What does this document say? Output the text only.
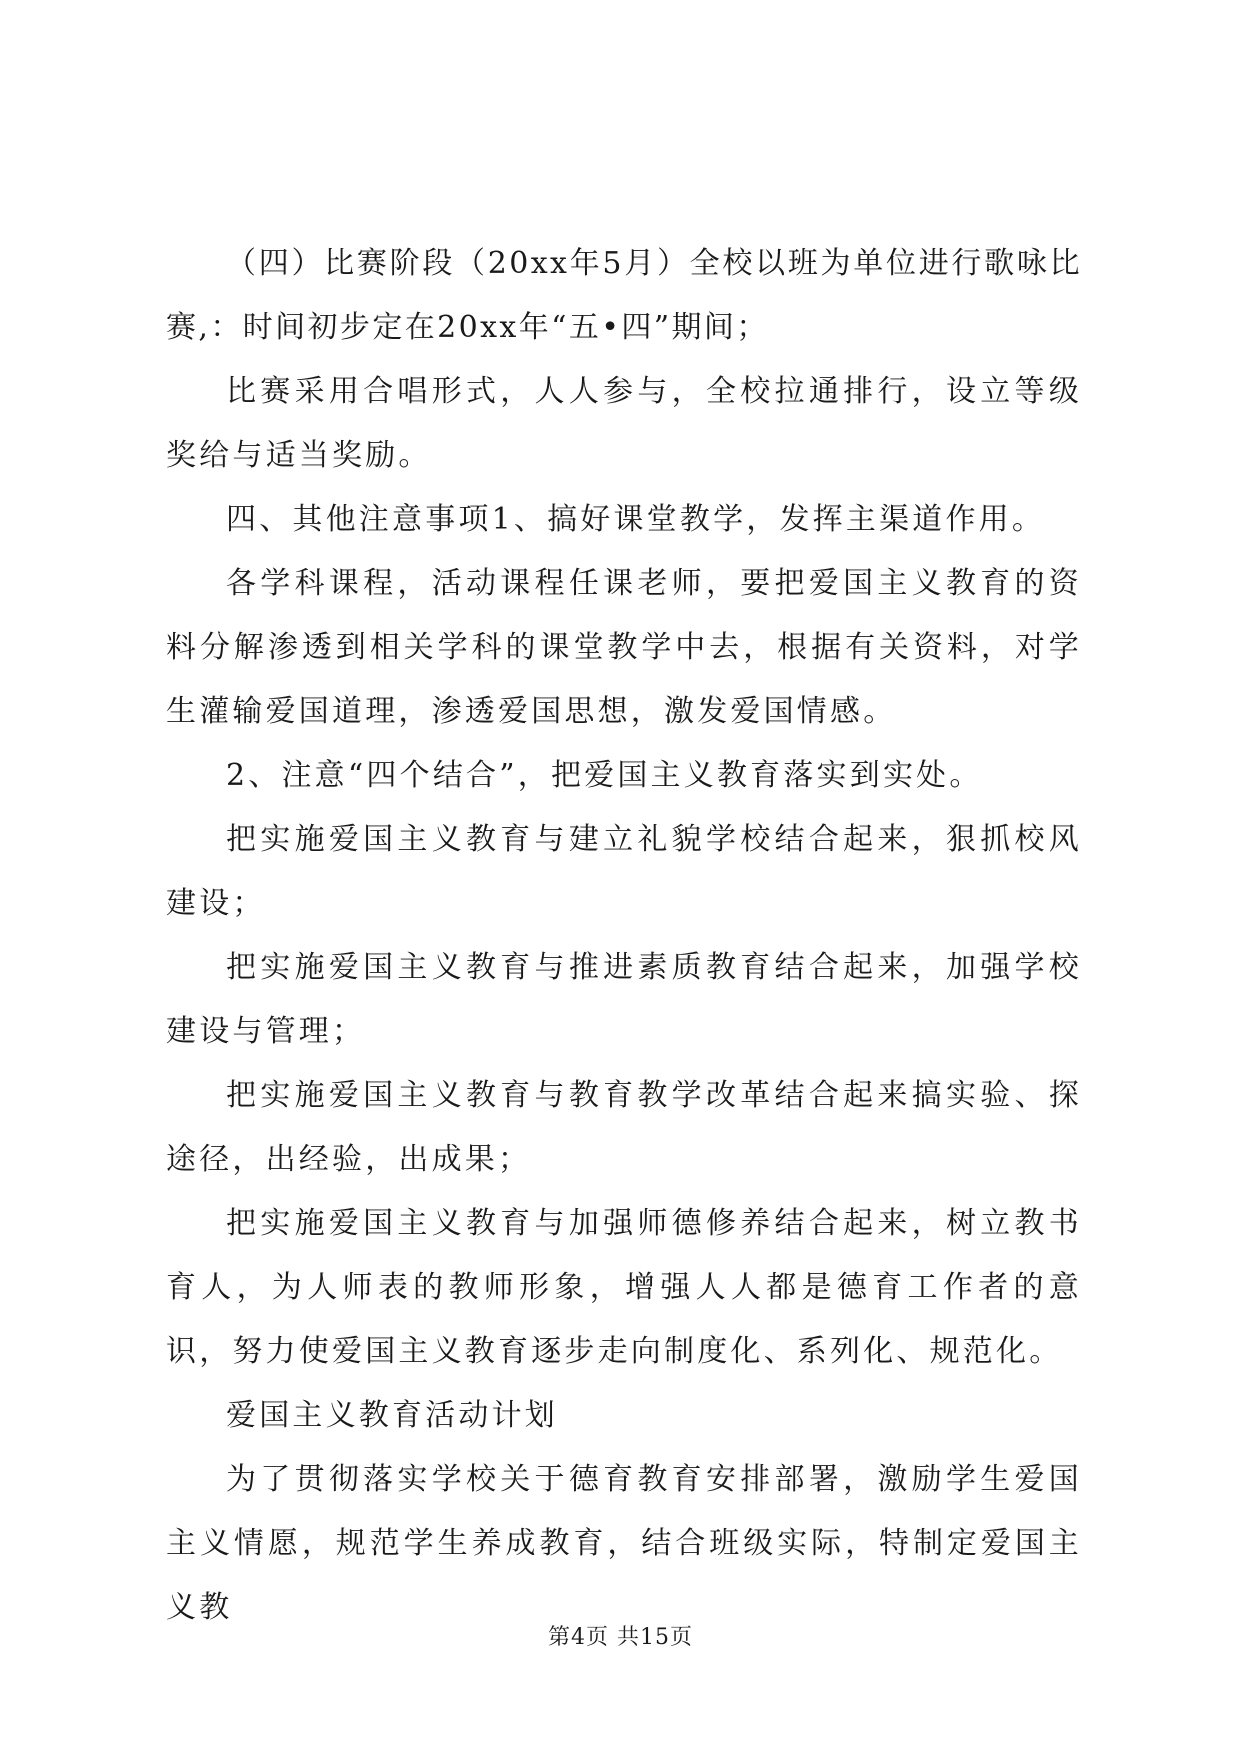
（四）比赛阶段（20xx年5月）全校以班为单位进行歌咏比赛,：时间初步定在20xx年“五•四”期间；

比赛采用合唱形式，人人参与，全校拉通排行，设立等级奖给与适当奖励。

四、其他注意事项1、搞好课堂教学，发挥主渠道作用。

各学科课程，活动课程任课老师，要把爱国主义教育的资料分解渗透到相关学科的课堂教学中去，根据有关资料，对学生灌输爱国道理，渗透爱国思想，激发爱国情感。

2、注意“四个结合”，把爱国主义教育落实到实处。

把实施爱国主义教育与建立礼貌学校结合起来，狠抓校风建设；

把实施爱国主义教育与推进素质教育结合起来，加强学校建设与管理；

把实施爱国主义教育与教育教学改革结合起来搞实验、探途径，出经验，出成果；

把实施爱国主义教育与加强师德修养结合起来，树立教书育人，为人师表的教师形象，增强人人都是德育工作者的意识，努力使爱国主义教育逐步走向制度化、系列化、规范化。

爱国主义教育活动计划

为了贯彻落实学校关于德育教育安排部署，激励学生爱国主义情愿，规范学生养成教育，结合班级实际，特制定爱国主义教

第4页 共15页
